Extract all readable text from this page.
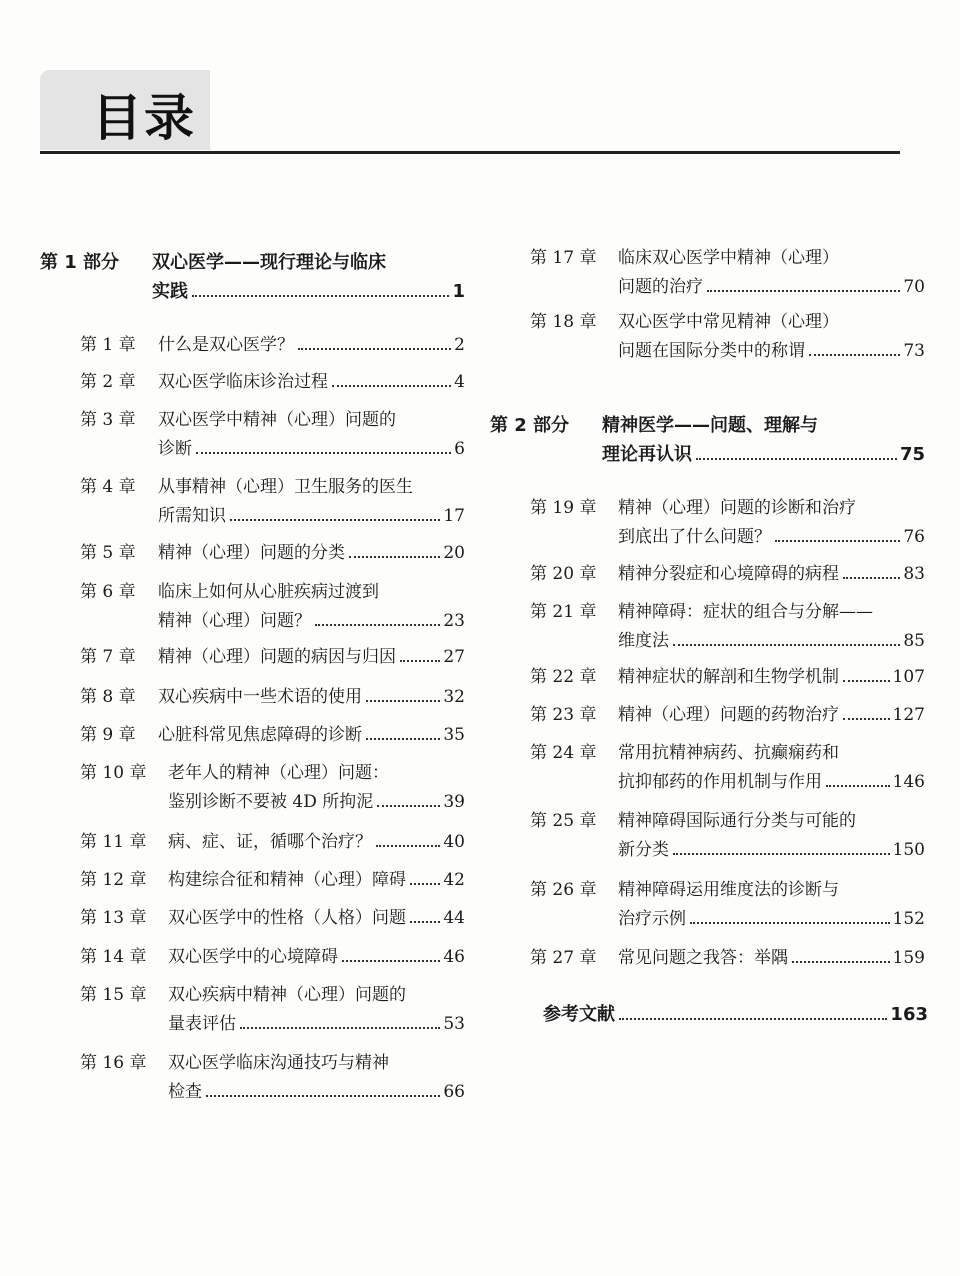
目录
第 1 部分 双心医学——现行理论与临床
实践	1
第 1 章 什么是双心医学？	2
第 2 章 双心医学临床诊治过程	4
第 3 章 双心医学中精神（心理）问题的
诊断	6
第 4 章 从事精神（心理）卫生服务的医生
所需知识	17
第 5 章 精神（心理）问题的分类	20
第 6 章 临床上如何从心脏疾病过渡到
精神（心理）问题？	23
第 7 章 精神（心理）问题的病因与归因	27
第 8 章 双心疾病中一些术语的使用	32
第 9 章 心脏科常见焦虑障碍的诊断	35
第 10 章 老年人的精神（心理）问题：
鉴别诊断不要被 4D 所拘泥	39
第 11 章 病、症、证，循哪个治疗？	40
第 12 章 构建综合征和精神（心理）障碍 42
第 13 章 双心医学中的性格（人格）问题 44
第 14 章 双心医学中的心境障碍	46
第 15 章 双心疾病中精神（心理）问题的
量表评估	53
第 16 章 双心医学临床沟通技巧与精神
检查	66
第 17 章 临床双心医学中精神（心理）
问题的治疗	70
第 18 章 双心医学中常见精神（心理）
问题在国际分类中的称谓	73
第 2 部分 精神医学——问题、理解与
理论再认识	75
第 19 章 精神（心理）问题的诊断和治疗
到底出了什么问题？	76
第 20 章 精神分裂症和心境障碍的病程	83
第 21 章 精神障碍：症状的组合与分解——
维度法	85
第 22 章 精神症状的解剖和生物学机制	107
第 23 章 精神（心理）问题的药物治疗	127
第 24 章 常用抗精神病药、抗癫痫药和
抗抑郁药的作用机制与作用	146
第 25 章 精神障碍国际通行分类与可能的
新分类	150
第 26 章 精神障碍运用维度法的诊断与
治疗示例	152
第 27 章 常见问题之我答：举隅	159
参考文献	163
